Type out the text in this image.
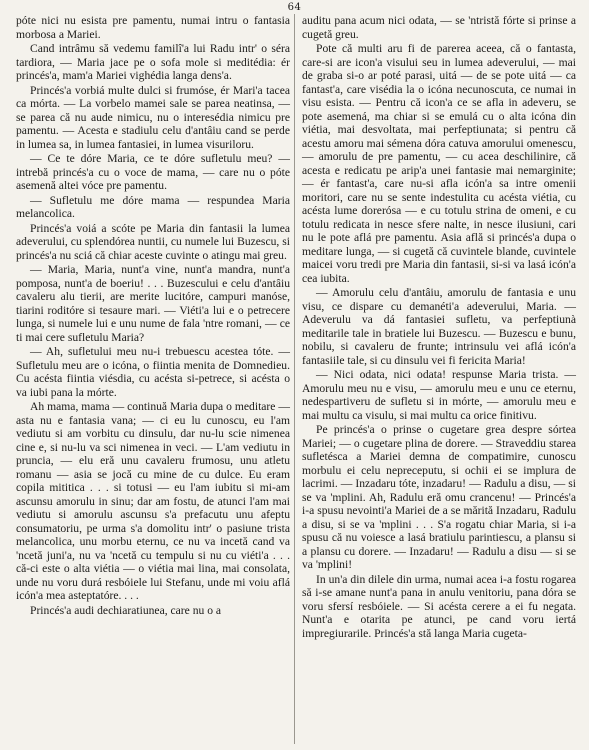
64

póte nici nu esista pre pamentu, numai intru o fantasia morbosa a Mariei.

Cand intrâmu să vedemu familî'a lui Radu intr' o séra tardiora, — Maria jace pe o sofa mole si meditédia: ér princés'a, mam'a Mariei vighédia langa dens'a.

Princés'a vorbiá multe dulci si frumóse, ér Mari'a tacea ca mórta. — La vorbelo mamei sale se parea neatinsa, — se parea că nu aude nimicu, nu o interesédia nimicu pre pamentu. — Acesta e stadiulu celu d'antâiu cand se perde in lumea sa, in lumea fantasiei, in lumea visuriloru.

— Ce te dóre Maria, ce te dóre sufletulu meu? — intrebă princés'a cu o voce de mama, — care nu o póte asemenă altei vóce pre pamentu.

— Sufletulu me dóre mama — respundea Maria melancolica.

Princés'a voiá a scóte pe Maria din fantasii la lumea adeverului, cu splendórea nuntii, cu numele lui Buzescu, si princés'a nu sciá că chiar aceste cuvinte o atingu mai greu.

— Maria, Maria, nunt'a vine, nunt'a mandra, nunt'a pomposa, nunt'a de boeriu! . . . Buzescului e celu d'antâiu cavaleru alu tierii, are merite lucitóre, campuri manóse, tiarini roditóre si tesaure mari. — Viéti'a lui e o petrecere lunga, si numele lui e unu nume de fala 'ntre romani, — ce ti mai cere sufletulu Maria?

— Ah, sufletului meu nu-i trebuescu acestea tóte. — Sufletulu meu are o icóna, o fiintia menita de Domnedieu. Cu acésta fiintia viésdia, cu acésta si-petrece, si acésta o va iubi pana la mórte.

Ah mama, mama — continuă Maria dupa o meditare — asta nu e fantasia vana; — ci eu lu cunoscu, eu l'am vediutu si am vorbitu cu dinsulu, dar nu-lu scie nimenea cine e, si nu-lu va sci nimenea in veci. — L'am vediutu in pruncia, — elu eră unu cavaleru frumosu, unu atletu romanu — asia se jocă cu mine de cu dulce. Eu eram copila mititica . . . si totusi — eu l'am iubitu si mi-am ascunsu amorulu in sinu; dar am fostu, de atunci l'am mai vediutu si amorulu ascunsu s'a prefacutu unu afeptu consumatoriu, pe urma s'a domolitu intr' o pasiune trista melancolica, unu morbu eternu, ce nu va incetă cand va 'ncetă juni'a, nu va 'ncetă cu tempulu si nu cu viéti'a . . . că-ci este o alta viétia — o viétia mai lina, mai consolata, unde nu voru durá resbóiele lui Stefanu, unde mi voiu aflá icón'a mea asteptatóre. . . .

Princés'a audi dechiaratiunea, care nu o a

auditu pana acum nici odata, — se 'ntristă fórte si prinse a cugetă greu.

Pote că multi aru fi de parerea aceea, că o fantasta, care-si are icon'a visului seu in lumea adeverului, — mai de graba si-o ar poté parasi, uitá — de se pote uitá — ca fantast'a, care visédia la o icóna necunoscuta, ce numai in visu esista. — Pentru că icon'a ce se afla in adeveru, se pote asemená, ma chiar si se emulá cu o alta icóna din viétia, mai desvoltata, mai perfeptiunata; si pentru că acestu amoru mai sémena dóra catuva amorului omenescu, — amorulu de pre pamentu, — cu acea deschilinire, că acesta e redicatu pe arip'a unei fantasie mai nemarginite; — ér fantast'a, care nu-si afla icón'a sa intre omenii moritori, care nu se sente indestulita cu acésta viétia, cu acésta lume dorerósa — e cu totulu strina de omeni, e cu totulu redicata in nesce sfere nalte, in nesce ilusiuni, cari nu le pote aflá pre pamentu. Asia află si princés'a dupa o meditare lunga, — si cugetă că cuvintele blande, cuvintele maicei voru tredi pre Maria din fantasii, si-si va lasá icón'a cea iubita.

— Amorulu celu d'antâiu, amorulu de fantasia e unu visu, ce dispare cu demanéti'a adeverului, Maria. — Adeverulu va dá fantasiei sufletu, va perfeptiunà meditarile tale in bratiele lui Buzescu. — Buzescu e bunu, nobilu, si cavaleru de frunte; intrinsulu vei aflá icón'a fantasiile tale, si cu dinsulu vei fi fericita Maria!

— Nici odata, nici odata! respunse Maria trista. — Amorulu meu nu e visu, — amorulu meu e unu ce eternu, nedespartiveru de sufletu si in mórte, — amorulu meu e mai multu ca visulu, si mai multu ca orice finitivu.

Pe princés'a o prinse o cugetare grea despre sórtea Mariei; — o cugetare plina de dorere. — Straveddiu starea sufletésca a Mariei demna de compatimire, cunoscu morbulu ei celu nepreceputu, si ochii ei se implura de lacrimi. — Inzadaru tóte, inzadaru! — Radulu a disu, — si se va 'mplini. Ah, Radulu eră omu crancenu! — Princés'a i-a spusu nevointi'a Mariei de a se mărită Inzadaru, Radulu a disu, si se va 'mplini . . . S'a rogatu chiar Maria, si i-a spusu că nu voiesce a lasá bratiulu parintiescu, a plansu si a plansu cu dorere. — Inzadaru! — Radulu a disu — si se va 'mplini!

In un'a din dilele din urma, numai acea i-a fostu rogarea să i-se amane nunt'a pana in anulu venitoriu, pana dóra se voru sfersí resbóiele. — Si acésta cerere a ei fu negata. Nunt'a e otarita pe atunci, pe cand voru iertá impregiurarile. Princés'a stă langa Maria cugeta-
